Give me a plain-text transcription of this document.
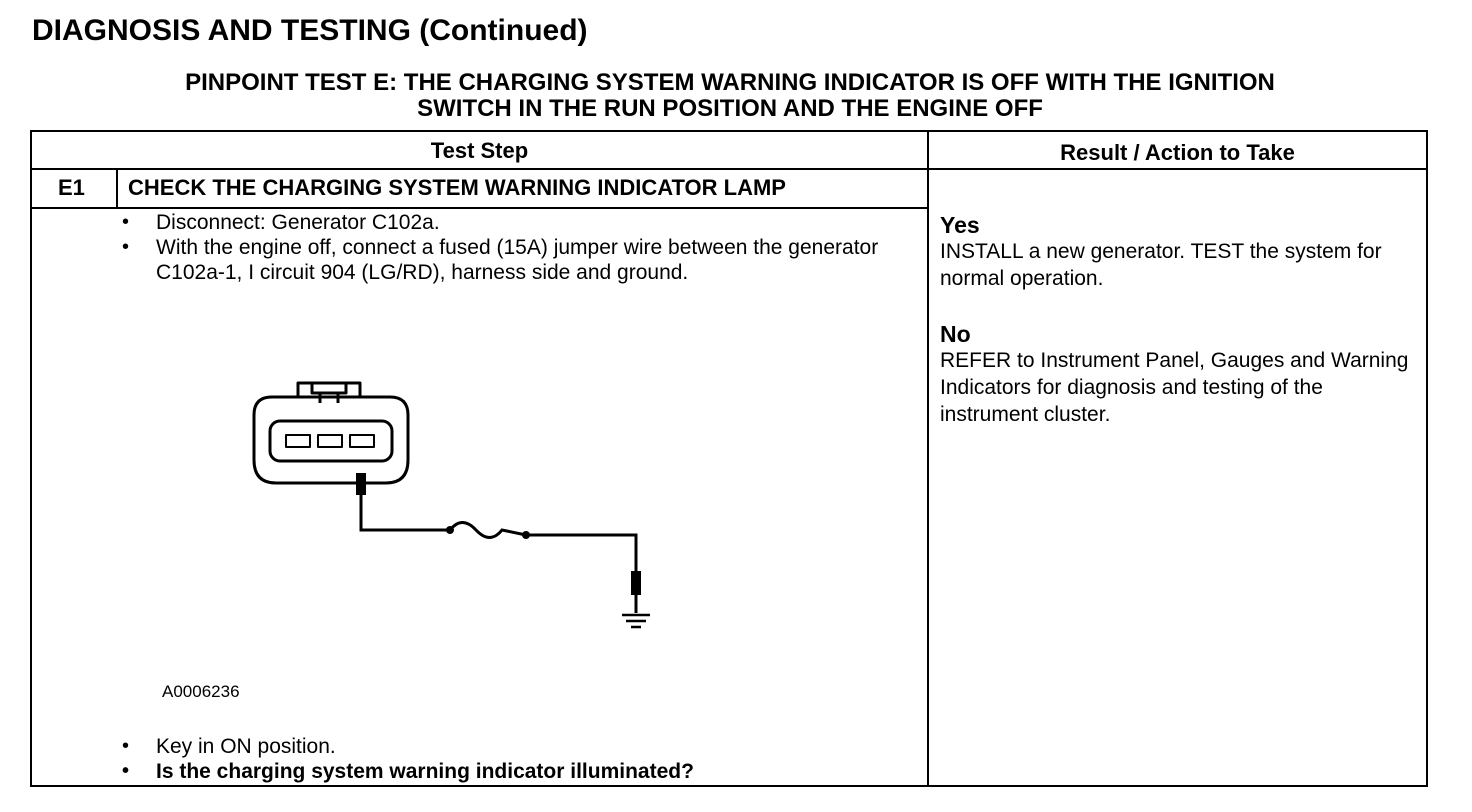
DIAGNOSIS AND TESTING (Continued)
PINPOINT TEST E: THE CHARGING SYSTEM WARNING INDICATOR IS OFF WITH THE IGNITION
SWITCH IN THE RUN POSITION AND THE ENGINE OFF
Test Step	Result / Action to Take
E1 CHECK THE CHARGING SYSTEM WARNING INDICATOR LAMP
• Disconnect: Generator C102a.
• With the engine off, connect a fused (15A) jumper wire between the generator C102a-1, I circuit 904 (LG/RD), harness side and ground.
A0006236
• Key in ON position.
• Is the charging system warning indicator illuminated?
Yes
INSTALL a new generator. TEST the system for normal operation.
No
REFER to Instrument Panel, Gauges and Warning Indicators for diagnosis and testing of the instrument cluster.
